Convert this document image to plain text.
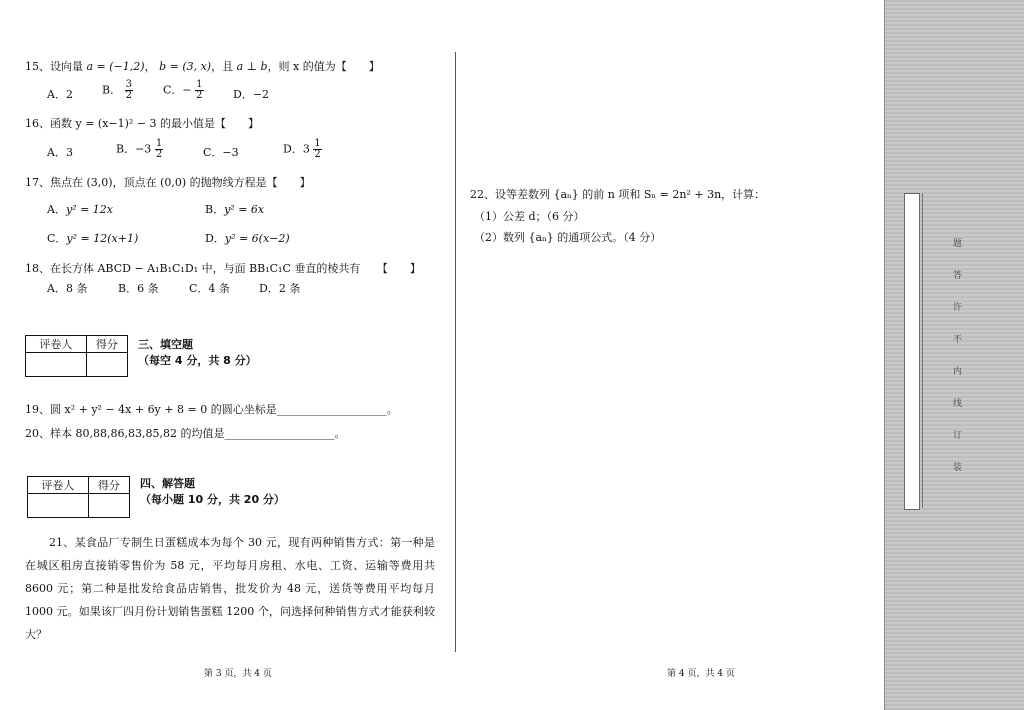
15、设向量 a = (−1,2)， b = (3, x)，且 a ⊥ b，则 x 的值为【　　】
A．2	B． $\frac{3}{2}$	C．− $\frac{1}{2}$	D．−2
16、函数 y = (x−1)² − 3 的最小值是【　　】
A．3	B．$-3 \frac{1}{2}$	C．−3	D．$3 \frac{1}{2}$
17、焦点在 (3,0)，顶点在 (0,0) 的抛物线方程是【　　】
A．y² = 12x	B．y² = 6x
C．y² = 12(x+1)	D．y² = 6(x−2)
18、在长方体 ABCD − A₁B₁C₁D₁ 中，与面 BB₁C₁C 垂直的棱共有　　【　　】
A．8 条	B．6 条	C．4 条	D．2 条
评卷人	得分
	三、填空题
（每空 4 分，共 8 分）
19、圆 x² + y² − 4x + 6y + 8 = 0 的圆心坐标是____________________。
20、样本 80,88,86,83,85,82 的均值是____________________。
评卷人	得分
	四、解答题
（每小题 10 分，共 20 分）
21、某食品厂专制生日蛋糕成本为每个 30 元，现有两种销售方式：第一种是在城区租房直接销零售价为 58 元，平均每月房租、水电、工资、运输等费用共 8600 元；第二种是批发给食品店销售，批发价为 48 元，送货等费用平均每月 1000 元。如果该厂四月份计划销售蛋糕 1200 个，问选择何种销售方式才能获利较大？
第 3 页，共 4 页
22、设等差数列 {aₙ} 的前 n 项和 Sₙ = 2n² + 3n，计算：
（1）公差 d；（6 分）
（2）数列 {aₙ} 的通项公式。（4 分）
第 4 页，共 4 页
题
答
许
不
内
线
订
装
